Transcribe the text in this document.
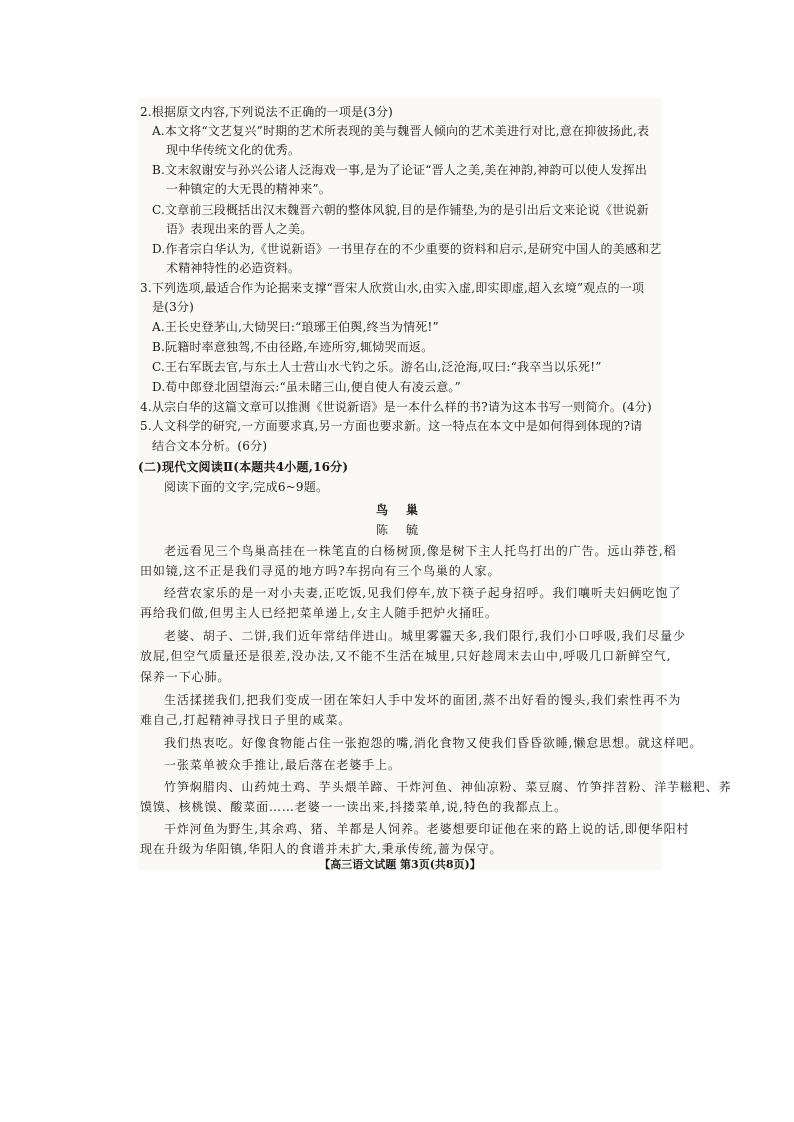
2.根据原文内容,下列说法不正确的一项是(3分)
A.本文将“文艺复兴”时期的艺术所表现的美与魏晋人倾向的艺术美进行对比,意在抑彼扬此,表
现中华传统文化的优秀。
B.文末叙谢安与孙兴公诸人泛海戏一事,是为了论证“晋人之美,美在神韵,神韵可以使人发挥出
一种镇定的大无畏的精神来”。
C.文章前三段概括出汉末魏晋六朝的整体风貌,目的是作铺垫,为的是引出后文来论说《世说新
语》表现出来的晋人之美。
D.作者宗白华认为,《世说新语》一书里存在的不少重要的资料和启示,是研究中国人的美感和艺
术精神特性的必造资料。
3.下列选项,最适合作为论据来支撑“晋宋人欣赏山水,由实入虚,即实即虚,超入玄境”观点的一项
是(3分)
A.王长史登茅山,大恸哭曰:“琅琊王伯舆,终当为情死!”
B.阮籍时率意独驾,不由径路,车迹所穷,辄恸哭而返。
C.王右军既去官,与东土人士营山水弋钓之乐。游名山,泛沧海,叹曰:“我卒当以乐死!”
D.荀中郎登北固望海云:“虽未睹三山,便自使人有凌云意。”
4.从宗白华的这篇文章可以推测《世说新语》是一本什么样的书?请为这本书写一则简介。(4分)
5.人文科学的研究,一方面要求真,另一方面也要求新。这一特点在本文中是如何得到体现的?请
结合文本分析。(6分)
(二)现代文阅读Ⅱ(本题共4小题,16分)
阅读下面的文字,完成6~9题。
鸟巢
陈毓
老远看见三个鸟巢高挂在一株笔直的白杨树顶,像是树下主人托鸟打出的广告。远山莽苍,稻
田如镜,这不正是我们寻觅的地方吗?车拐向有三个鸟巢的人家。
经营农家乐的是一对小夫妻,正吃饭,见我们停车,放下筷子起身招呼。我们嚷听夫妇俩吃饱了
再给我们做,但男主人已经把菜单递上,女主人随手把炉火捅旺。
老婆、胡子、二饼,我们近年常结伴进山。城里雾霾天多,我们限行,我们小口呼吸,我们尽量少
放屁,但空气质量还是很差,没办法,又不能不生活在城里,只好趁周末去山中,呼吸几口新鲜空气,
保养一下心肺。
生活揉搓我们,把我们变成一团在笨妇人手中发坏的面团,蒸不出好看的馒头,我们索性再不为
难自己,打起精神寻找日子里的咸菜。
我们热衷吃。好像食物能占住一张抱怨的嘴,消化食物又使我们昏昏欲睡,懒怠思想。就这样吧。
一张菜单被众手推让,最后落在老婆手上。
竹笋焖腊肉、山药炖土鸡、芋头煨羊蹄、干炸河鱼、神仙凉粉、菜豆腐、竹笋拌苕粉、洋芋糍粑、荞
馍馍、核桃馍、酸菜面……老婆一一读出来,抖搂菜单,说,特色的我都点上。
干炸河鱼为野生,其余鸡、猪、羊都是人饲养。老婆想要印证他在来的路上说的话,即便华阳村
现在升级为华阳镇,华阳人的食谱并未扩大,秉承传统,蔷为保守。
【高三语文试题 第3页(共8页)】
